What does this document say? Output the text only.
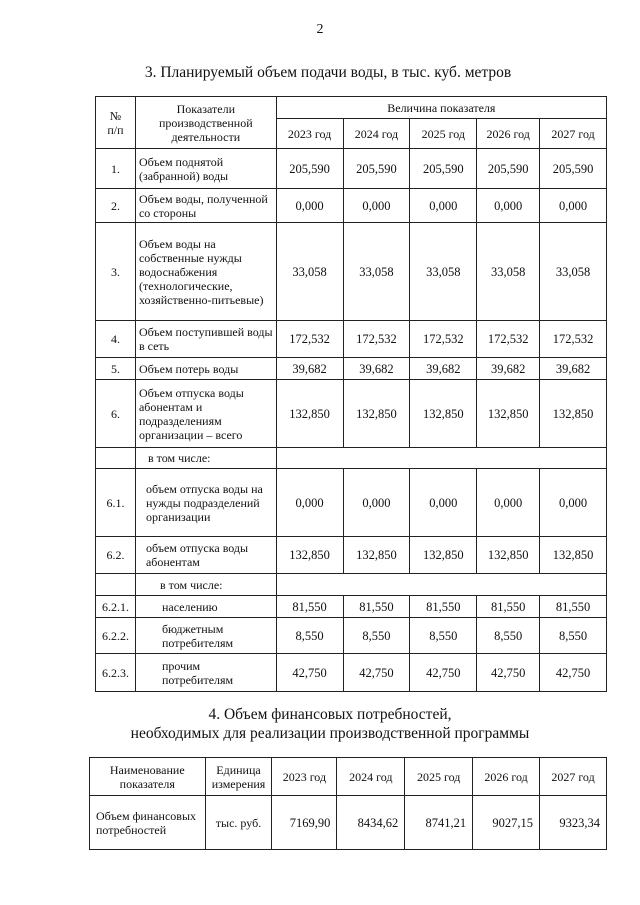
2
3. Планируемый объем подачи воды, в тыс. куб. метров
№
п/п	Показатели производственной деятельности	Величина показателя				
		2023 год	2024 год	2025 год	2026 год	2027 год
1.	Объем поднятой (забранной) воды	205,590	205,590	205,590	205,590	205,590
2.	Объем воды, полученной со стороны	0,000	0,000	0,000	0,000	0,000
3.	Объем воды на собственные нужды водоснабжения (технологические, хозяйственно-питьевые)	33,058	33,058	33,058	33,058	33,058
4.	Объем поступившей воды в сеть	172,532	172,532	172,532	172,532	172,532
5.	Объем потерь воды	39,682	39,682	39,682	39,682	39,682
6.	Объем отпуска воды абонентам и подразделениям организации – всего	132,850	132,850	132,850	132,850	132,850
	в том числе:					
6.1.	объем отпуска воды на нужды подразделений организации	0,000	0,000	0,000	0,000	0,000
6.2.	объем отпуска воды абонентам	132,850	132,850	132,850	132,850	132,850
	в том числе:					
6.2.1.	населению	81,550	81,550	81,550	81,550	81,550
6.2.2.	бюджетным потребителям	8,550	8,550	8,550	8,550	8,550
6.2.3.	прочим потребителям	42,750	42,750	42,750	42,750	42,750
4. Объем финансовых потребностей,
необходимых для реализации производственной программы
Наименование показателя	Единица измерения	2023 год	2024 год	2025 год	2026 год	2027 год
Объем финансовых потребностей	тыс. руб.	7169,90	8434,62	8741,21	9027,15	9323,34
